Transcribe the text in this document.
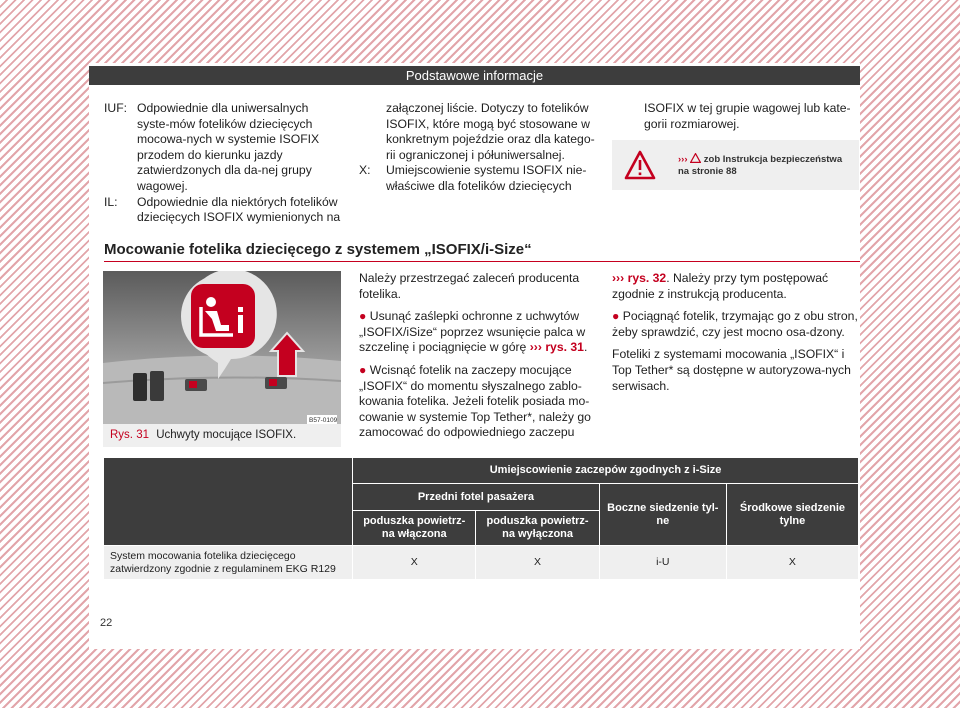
Podstawowe informacje
IUF: Odpowiednie dla uniwersalnych syste-mów fotelików dziecięcych mocowa-nych w systemie ISOFIX przodem do kierunku jazdy zatwierdzonych dla da-nej grupy wagowej.
IL:	Odpowiednie dla niektórych fotelików dziecięcych ISOFIX wymienionych na
załączonej liście. Dotyczy to fotelików ISOFIX, które mogą być stosowane w konkretnym pojeździe oraz dla katego-rii ograniczonej i półuniwersalnej.
X:	Umiejscowienie systemu ISOFIX nie-właściwe dla fotelików dziecięcych
ISOFIX w tej grupie wagowej lub kate-gorii rozmiarowej.
››› zob Instrukcja bezpieczeństwa
na stronie 88
Mocowanie fotelika dziecięcego z systemem „ISOFIX/i-Size“
B57-0109
Rys. 31 Uchwyty mocujące ISOFIX.

Należy przestrzegać zaleceń producenta fotelika.

● Usunąć zaślepki ochronne z uchwytów „ISOFIX/iSize“ poprzez wsunięcie palca w szczelinę i pociągnięcie w górę ››› rys. 31.

● Wcisnąć fotelik na zaczepy mocujące „ISOFIX“ do momentu słyszalnego zablo-kowania fotelika. Jeżeli fotelik posiada mo-cowanie w systemie Top Tether*, należy go zamocować do odpowiedniego zaczepu

››› rys. 32. Należy przy tym postępować zgodnie z instrukcją producenta.

● Pociągnąć fotelik, trzymając go z obu stron, żeby sprawdzić, czy jest mocno osa-dzony.

Foteliki z systemami mocowania „ISOFIX“ i Top Tether* są dostępne w autoryzowa-nych serwisach.

	Umiejscowienie zaczepów zgodnych z i-Size			
	Przedni fotel pasażera		Boczne siedzenie tyl-ne	Środkowe siedzenie tylne
	poduszka powietrz-na włączona	poduszka powietrz-na wyłączona		
System mocowania fotelika dziecięcego zatwierdzony zgodnie z regulaminem EKG R129	X	X	i-U	X
22
